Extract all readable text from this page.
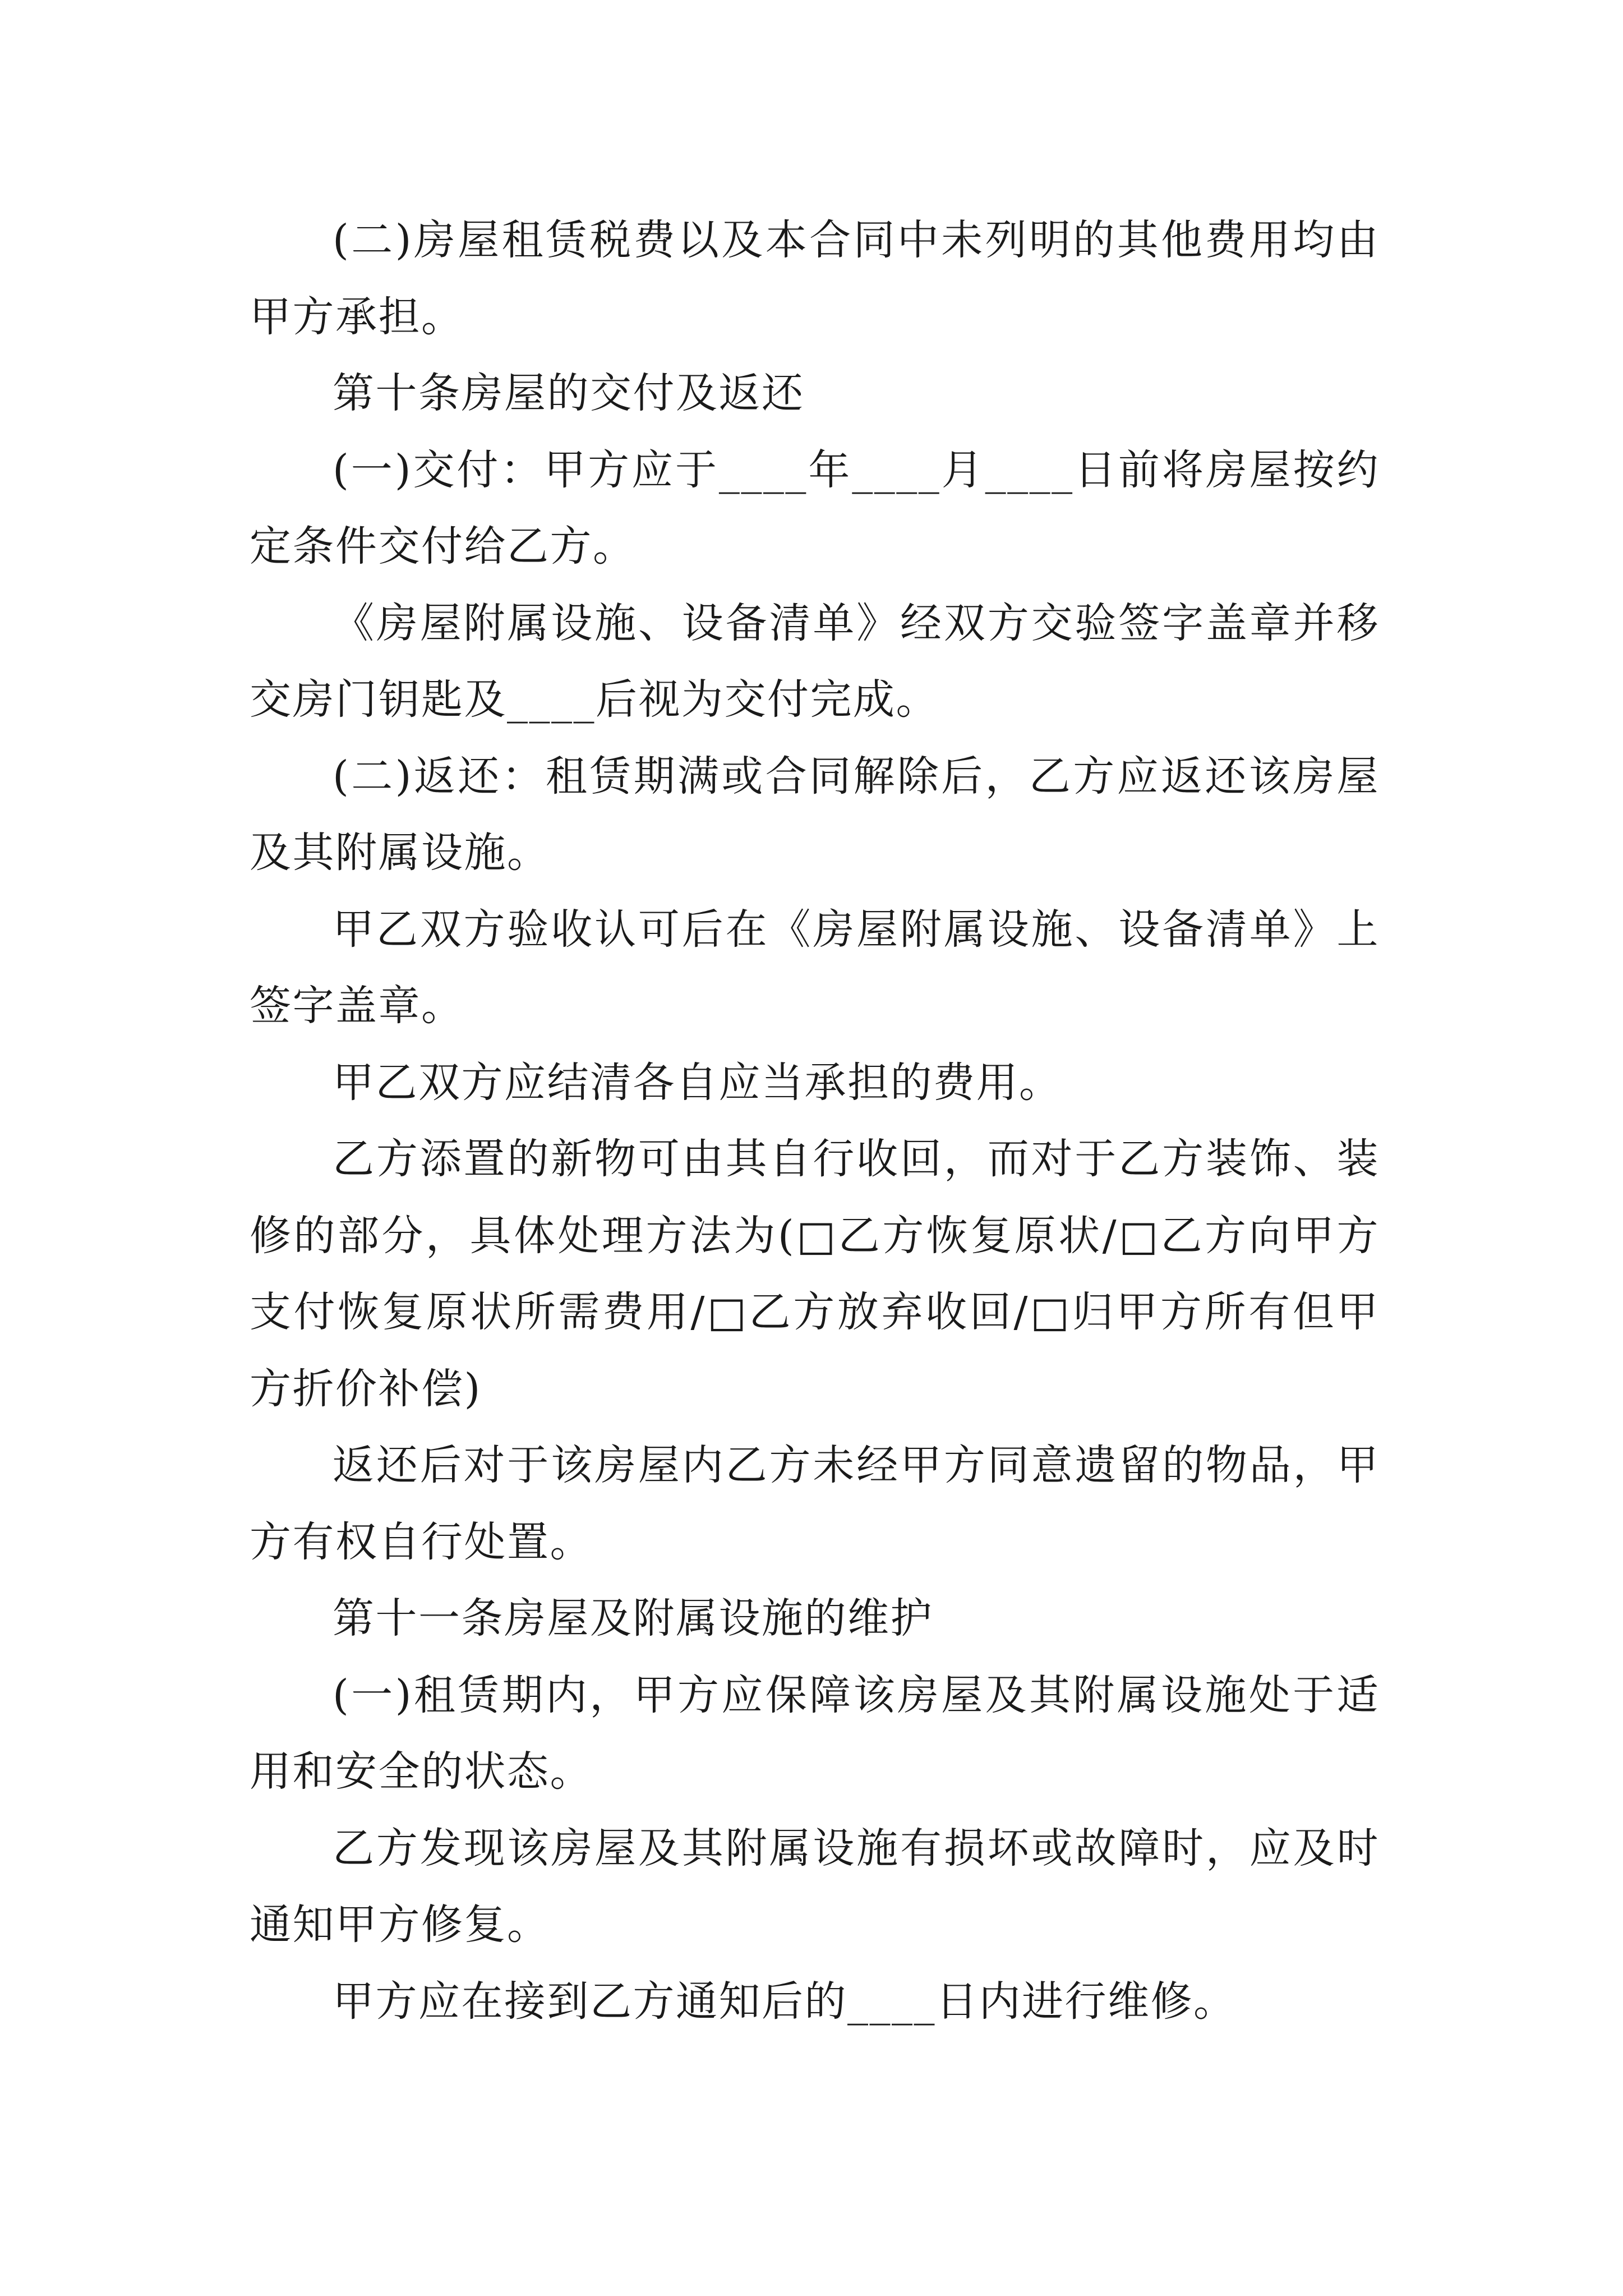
(二)房屋租赁税费以及本合同中未列明的其他费用均由甲方承担。

第十条房屋的交付及返还

(一)交付：甲方应于____年____月____日前将房屋按约定条件交付给乙方。

《房屋附属设施、设备清单》经双方交验签字盖章并移交房门钥匙及____后视为交付完成。

(二)返还：租赁期满或合同解除后，乙方应返还该房屋及其附属设施。

甲乙双方验收认可后在《房屋附属设施、设备清单》上签字盖章。

甲乙双方应结清各自应当承担的费用。

乙方添置的新物可由其自行收回，而对于乙方装饰、装修的部分，具体处理方法为(□乙方恢复原状/□乙方向甲方支付恢复原状所需费用/□乙方放弃收回/□归甲方所有但甲方折价补偿)

返还后对于该房屋内乙方未经甲方同意遗留的物品，甲方有权自行处置。

第十一条房屋及附属设施的维护

(一)租赁期内，甲方应保障该房屋及其附属设施处于适用和安全的状态。

乙方发现该房屋及其附属设施有损坏或故障时，应及时通知甲方修复。

甲方应在接到乙方通知后的____日内进行维修。
